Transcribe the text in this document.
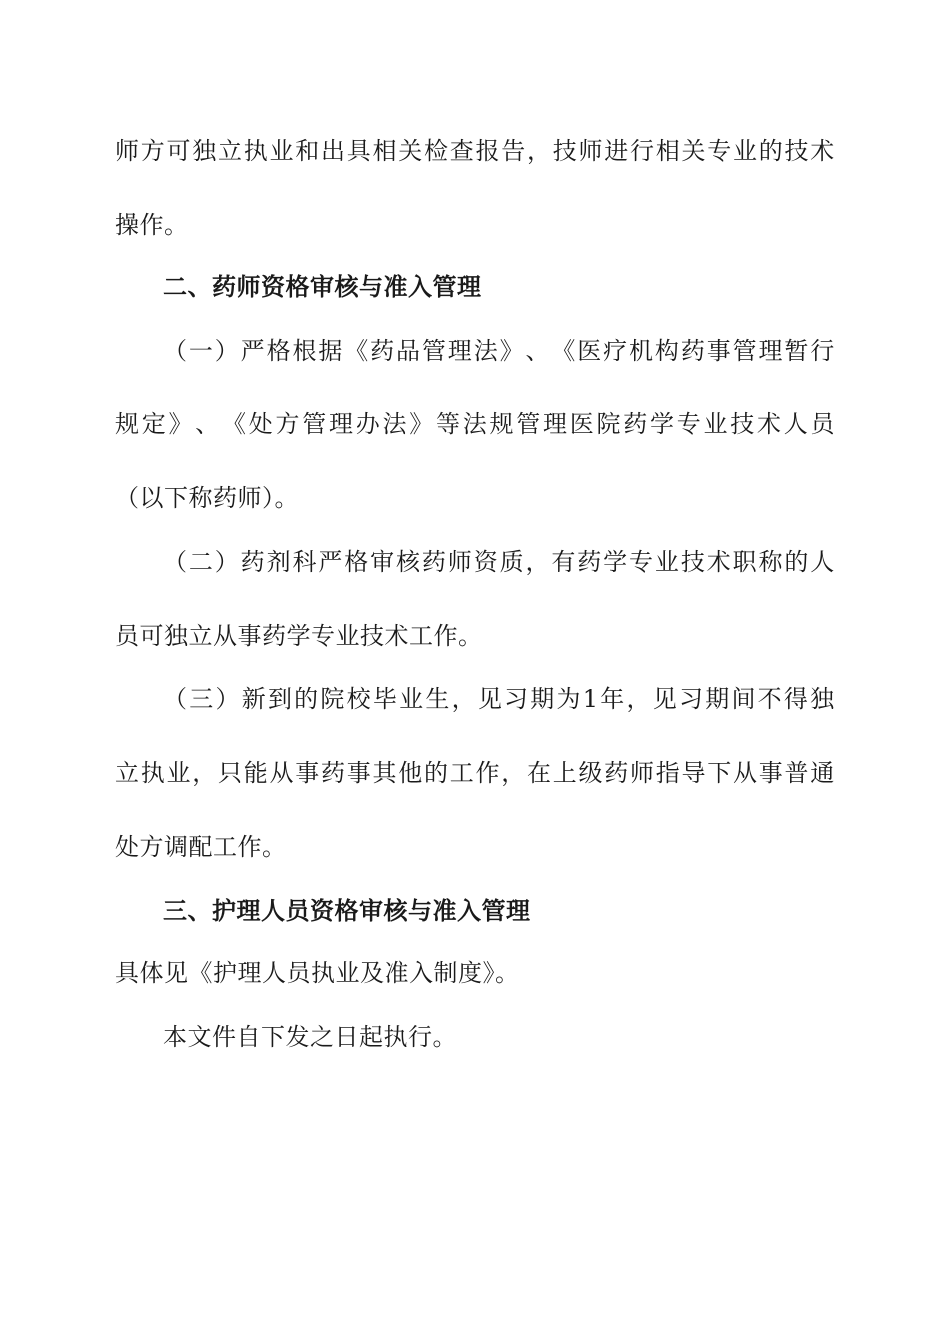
师 方 可 独 立 执 业 和 出 具 相 关 检 查 报 告 ， 技 师 进 行 相 关 专 业 的 技 术
操作。
二、药师资格审核与准入管理
（ 一 ） 严 格 根 据 《 药 品 管 理 法 》 、 《 医 疗 机 构 药 事 管 理 暂 行
规 定 》 、 《 处 方 管 理 办 法 》 等 法 规 管 理 医 院 药 学 专 业 技 术 人 员
（以下称药师）。
（ 二 ） 药 剂 科 严 格 审 核 药 师 资 质 ， 有 药 学 专 业 技 术 职 称 的 人
员可独立从事药学专业技术工作。
（ 三 ） 新 到 的 院 校 毕 业 生 ， 见 习 期 为 1 年 ， 见 习 期 间 不 得 独
立 执 业 ， 只 能 从 事 药 事 其 他 的 工 作 ， 在 上 级 药 师 指 导 下 从 事 普 通
处方调配工作。
三、护理人员资格审核与准入管理
具体见《护理人员执业及准入制度》。
本文件自下发之日起执行。
